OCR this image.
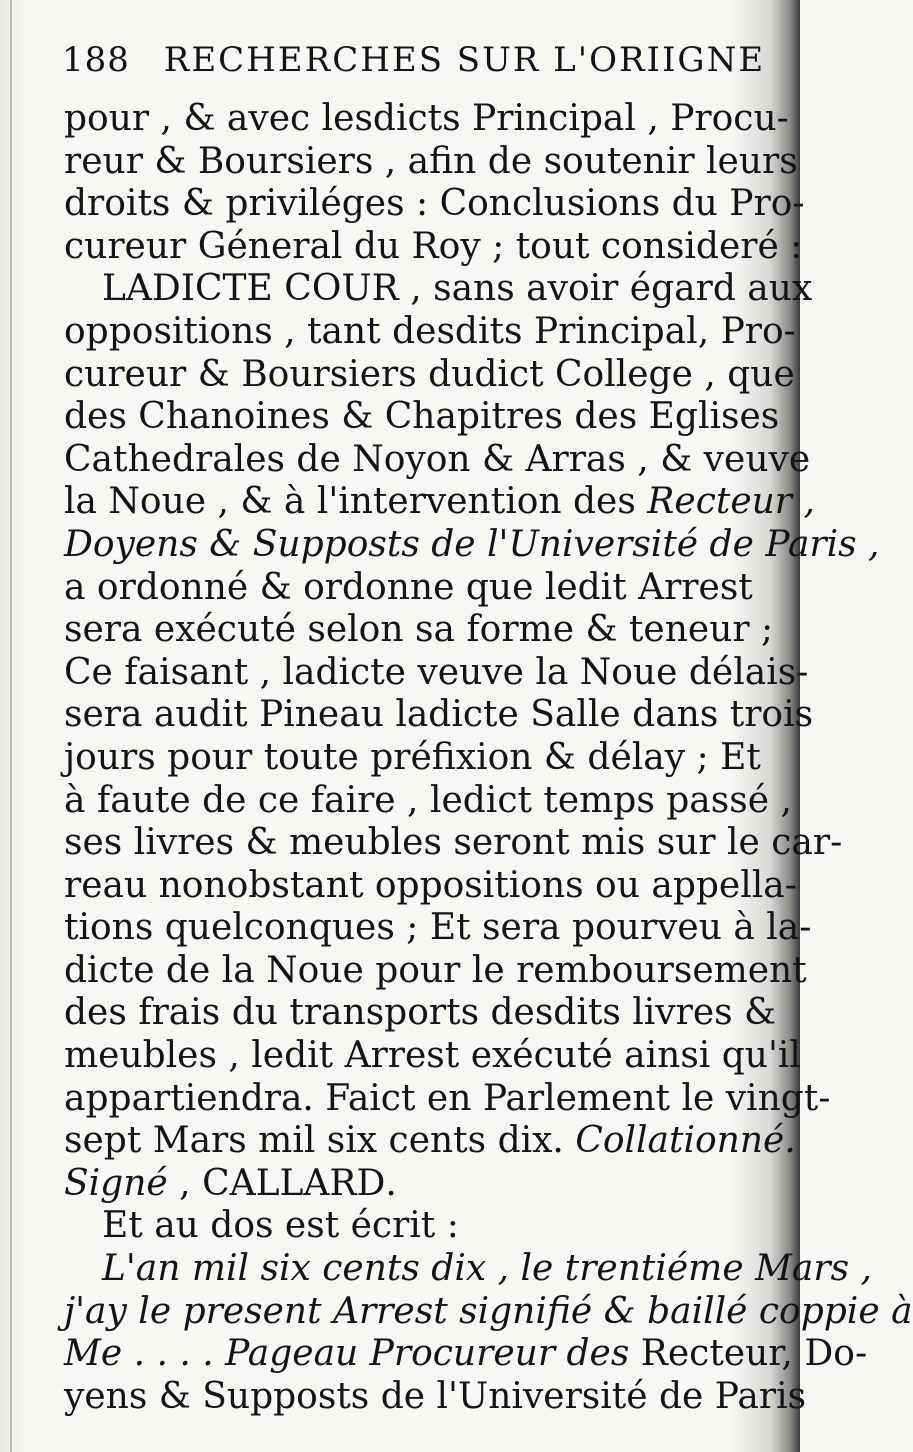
188 RECHERCHES SUR L'ORIIGNE
pour , & avec lesdicts Principal , Procu-
reur & Boursiers , afin de soutenir leurs
droits & priviléges : Conclusions du Pro-
cureur Géneral du Roy ; tout consideré :
LADICTE COUR , sans avoir égard aux
oppositions , tant desdits Principal, Pro-
cureur & Boursiers dudict College , que
des Chanoines & Chapitres des Eglises
Cathedrales de Noyon & Arras , & veuve
la Noue , & à l'intervention des Recteur ,
Doyens & Supposts de l'Université de Paris ,
a ordonné & ordonne que ledit Arrest
sera exécuté selon sa forme & teneur ;
Ce faisant , ladicte veuve la Noue délais-
sera audit Pineau ladicte Salle dans trois
jours pour toute préfixion & délay ; Et
à faute de ce faire , ledict temps passé ,
ses livres & meubles seront mis sur le car-
reau nonobstant oppositions ou appella-
tions quelconques ; Et sera pourveu à la-
dicte de la Noue pour le remboursement
des frais du transports desdits livres &
meubles , ledit Arrest exécuté ainsi qu'il
appartiendra. Faict en Parlement le vingt-
sept Mars mil six cents dix. Collationné.
Signé , CALLARD.
Et au dos est écrit :
L'an mil six cents dix , le trentiéme Mars ,
j'ay le present Arrest signifié & baillé coppie à
Me . . . . Pageau Procureur des Recteur, Do-
yens & Supposts de l'Université de Paris
